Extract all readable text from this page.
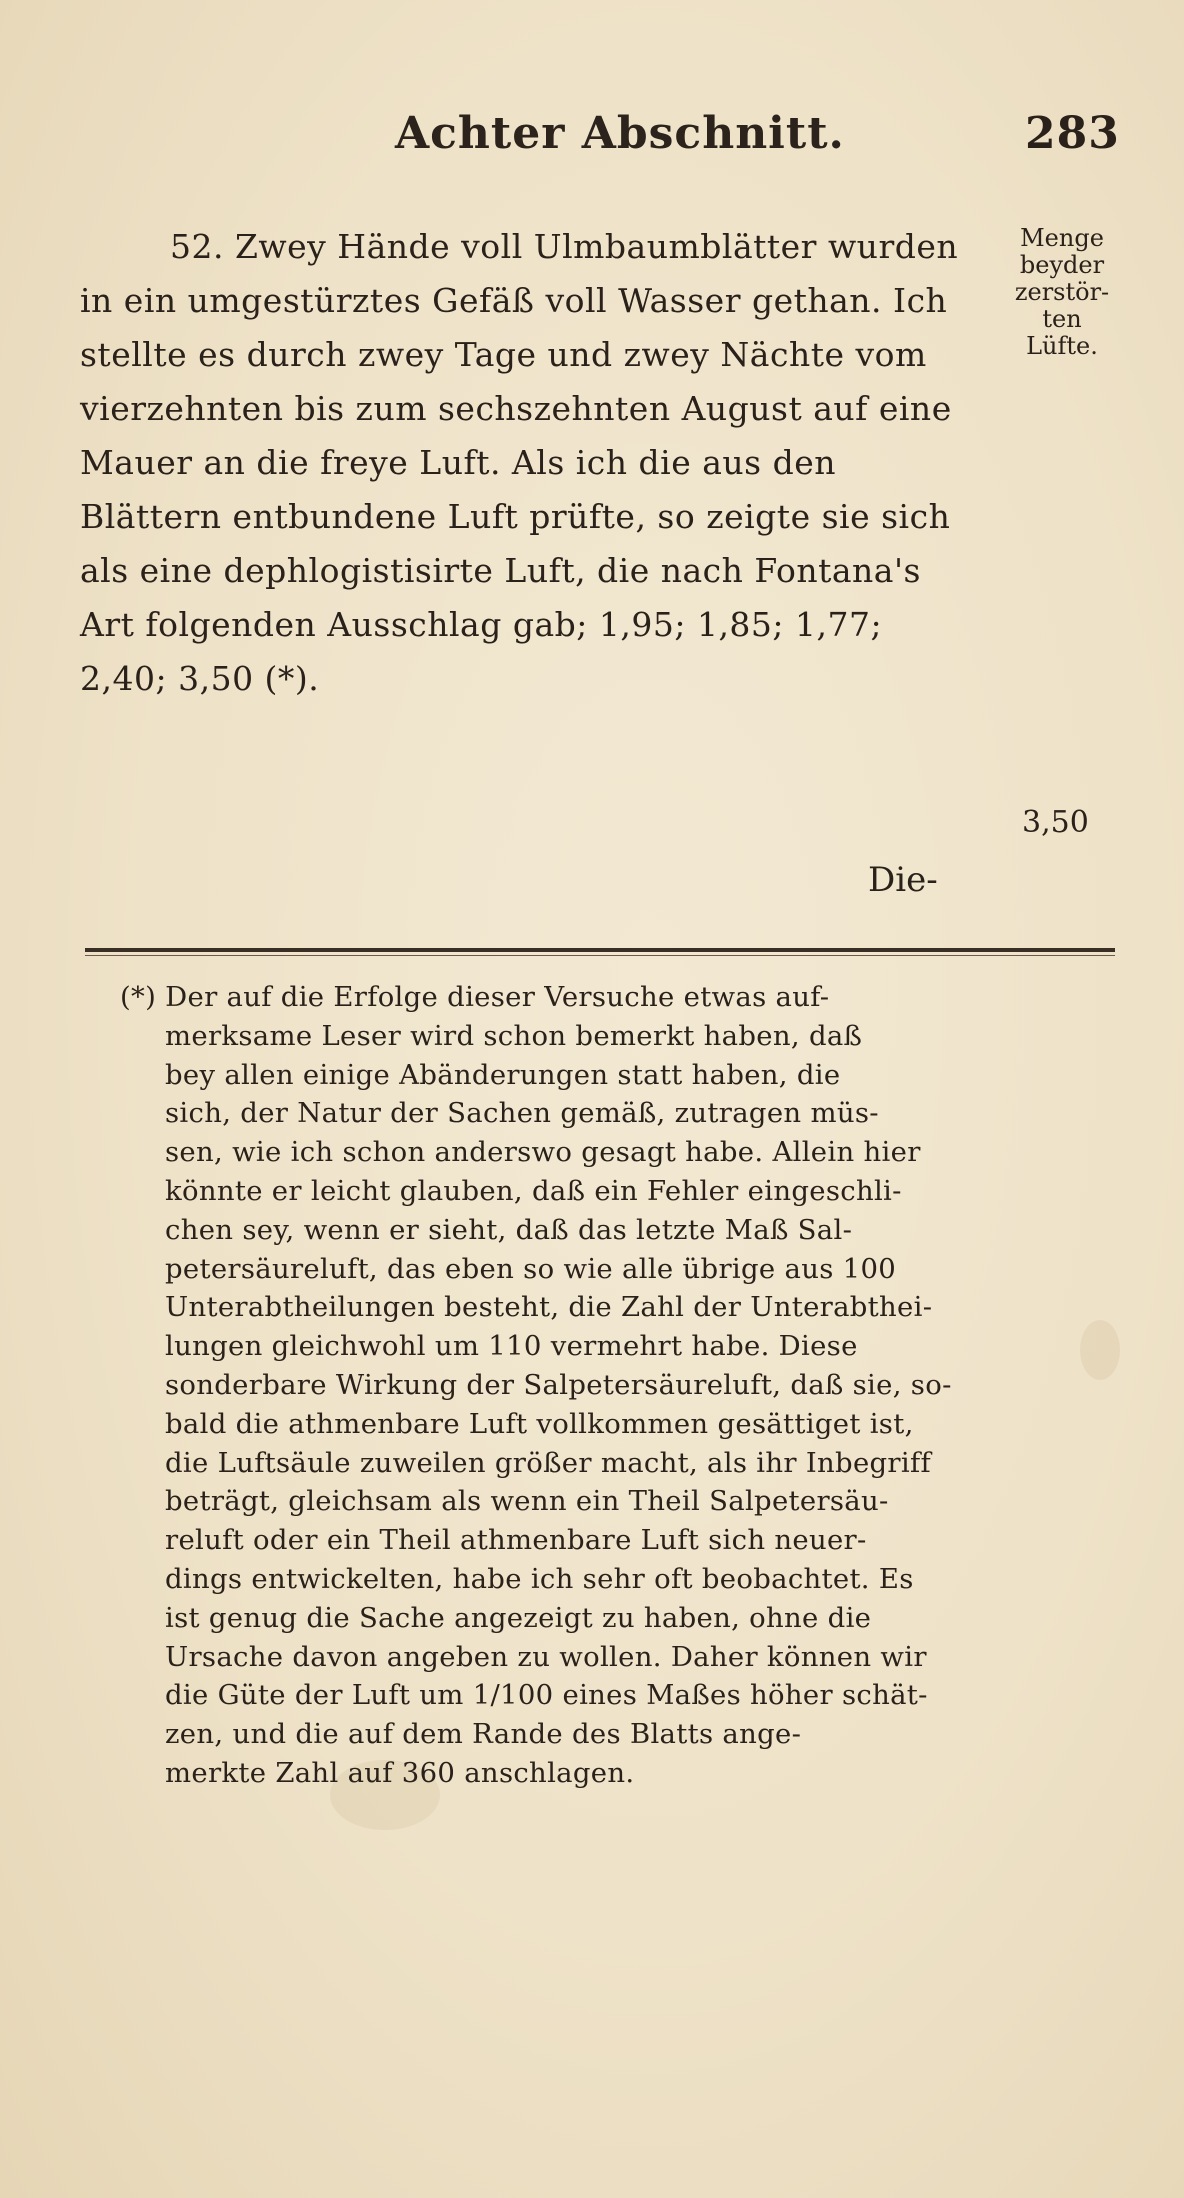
Achter Abschnitt.	283
52. Zwey Hände voll Ulmbaumblätter wurden
in ein umgestürztes Gefäß voll Wasser gethan. Ich
stellte es durch zwey Tage und zwey Nächte vom
vierzehnten bis zum sechszehnten August auf eine
Mauer an die freye Luft. Als ich die aus den
Blättern entbundene Luft prüfte, so zeigte sie sich
als eine dephlogistisirte Luft, die nach Fontana's
Art folgenden Ausschlag gab; 1,95; 1,85; 1,77;
2,40; 3,50 (*).
Menge
beyder
zerstör-
ten
Lüfte.
3,50
Die-
(*) Der auf die Erfolge dieser Versuche etwas auf-
merksame Leser wird schon bemerkt haben, daß
bey allen einige Abänderungen statt haben, die
sich, der Natur der Sachen gemäß, zutragen müs-
sen, wie ich schon anderswo gesagt habe. Allein hier
könnte er leicht glauben, daß ein Fehler eingeschli-
chen sey, wenn er sieht, daß das letzte Maß Sal-
petersäureluft, das eben so wie alle übrige aus 100
Unterabtheilungen besteht, die Zahl der Unterabthei-
lungen gleichwohl um 110 vermehrt habe. Diese
sonderbare Wirkung der Salpetersäureluft, daß sie, so-
bald die athmenbare Luft vollkommen gesättiget ist,
die Luftsäule zuweilen größer macht, als ihr Inbegriff
beträgt, gleichsam als wenn ein Theil Salpetersäu-
reluft oder ein Theil athmenbare Luft sich neuer-
dings entwickelten, habe ich sehr oft beobachtet. Es
ist genug die Sache angezeigt zu haben, ohne die
Ursache davon angeben zu wollen. Daher können wir
die Güte der Luft um 1/100 eines Maßes höher schät-
zen, und die auf dem Rande des Blatts ange-
merkte Zahl auf 360 anschlagen.
